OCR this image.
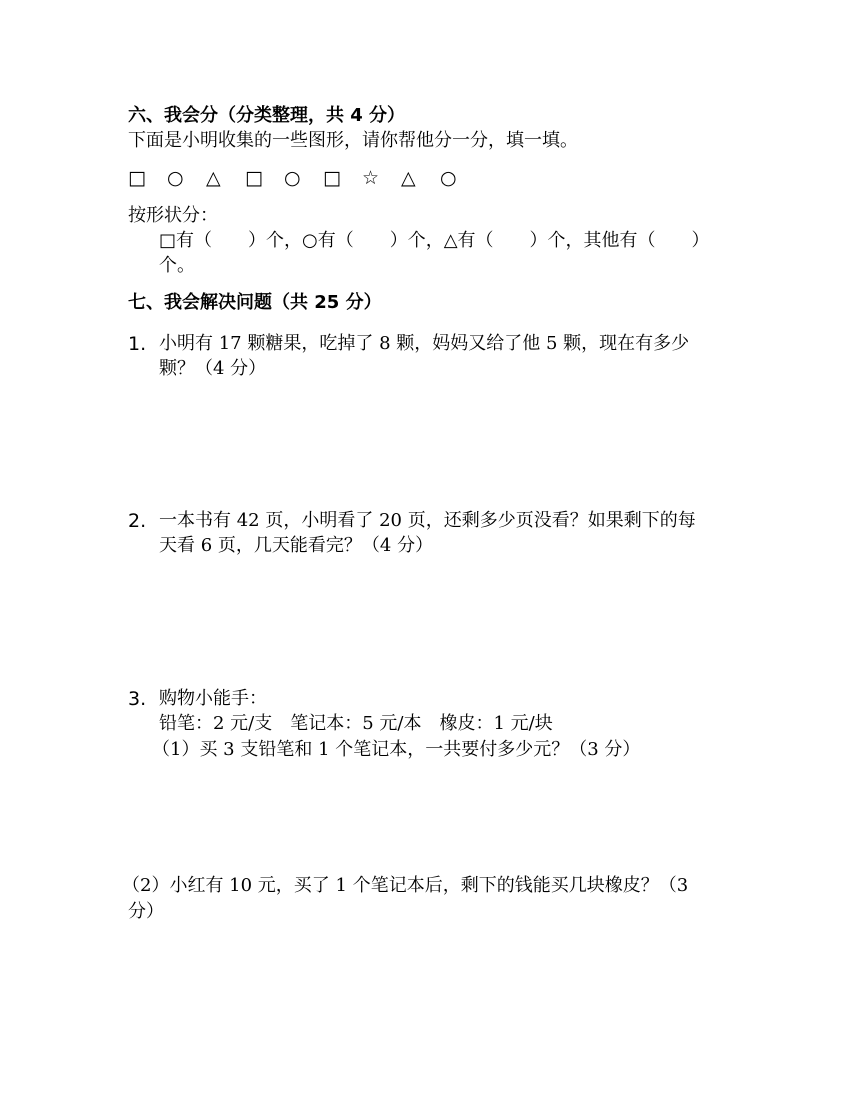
六、我会分（分类整理，共 4 分）
下面是小明收集的一些图形，请你帮他分一分，填一填。
□ ○ △ □ ○ □ ☆ △ ○
按形状分：
□有（　　）个，○有（　　）个，△有（　　）个，其他有（　　）
个。
七、我会解决问题（共 25 分）
1. 小明有 17 颗糖果，吃掉了 8 颗，妈妈又给了他 5 颗，现在有多少
颗？（4 分）
2. 一本书有 42 页，小明看了 20 页，还剩多少页没看？如果剩下的每
天看 6 页，几天能看完？（4 分）
3. 购物小能手：
铅笔：2 元/支　笔记本：5 元/本　橡皮：1 元/块
（1）买 3 支铅笔和 1 个笔记本，一共要付多少元？（3 分）
（2）小红有 10 元，买了 1 个笔记本后，剩下的钱能买几块橡皮？（3
分）
